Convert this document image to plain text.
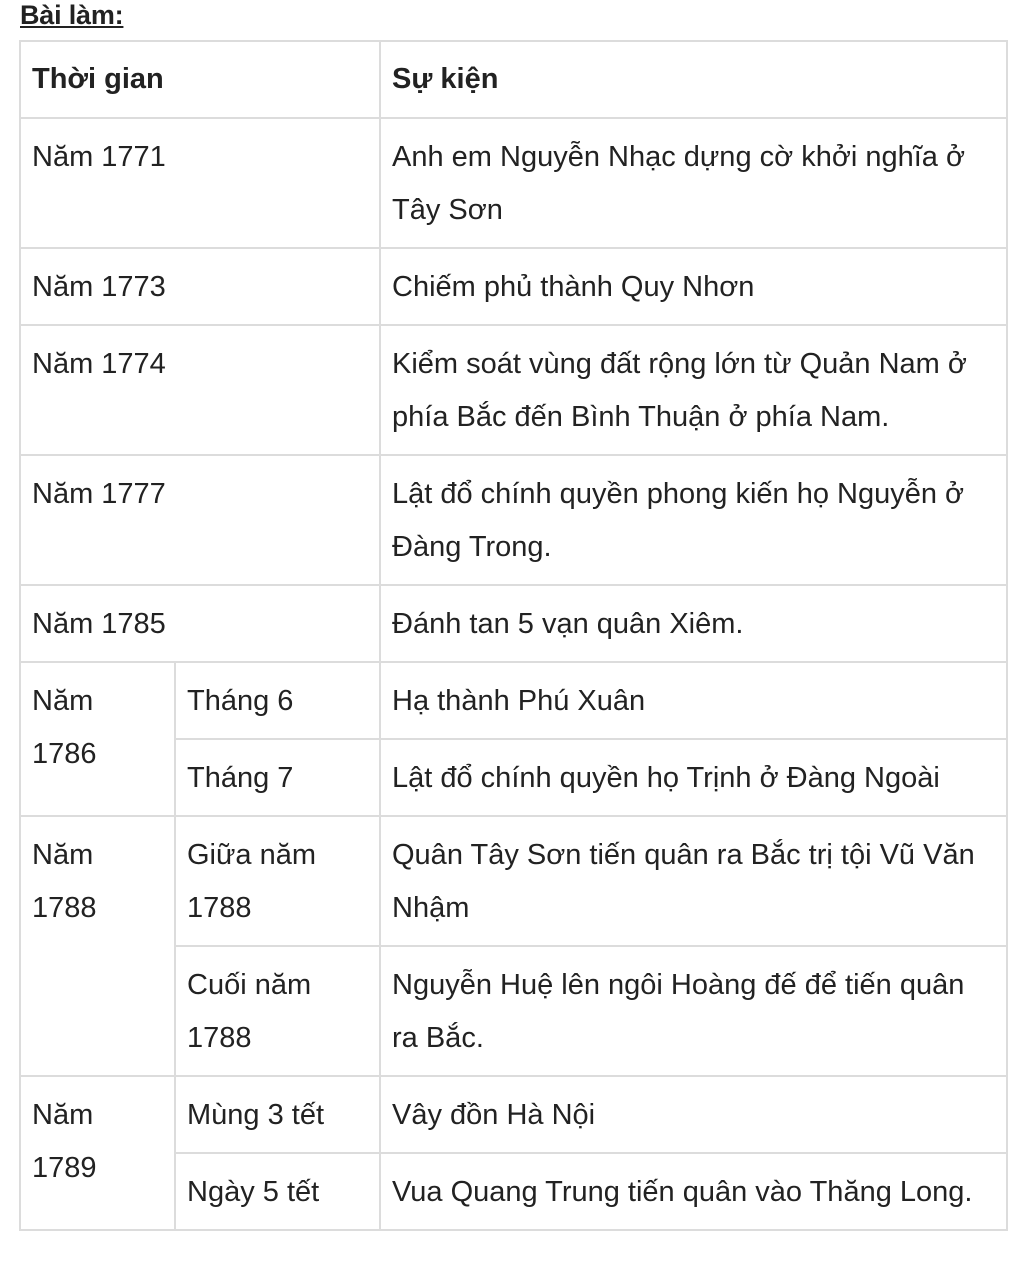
Bài làm:
Thời gian		Sự kiện
Năm 1771		Anh em Nguyễn Nhạc dựng cờ khởi nghĩa ở Tây Sơn
Năm 1773		Chiếm phủ thành Quy Nhơn
Năm 1774		Kiểm soát vùng đất rộng lớn từ Quản Nam ở phía Bắc đến Bình Thuận ở phía Nam.
Năm 1777		Lật đổ chính quyền phong kiến họ Nguyễn ở Đàng Trong.
Năm 1785		Đánh tan 5 vạn quân Xiêm.
Năm 1786	Tháng 6	Hạ thành Phú Xuân
	Tháng 7	Lật đổ chính quyền họ Trịnh ở Đàng Ngoài
Năm 1788	Giữa năm 1788	Quân Tây Sơn tiến quân ra Bắc trị tội Vũ Văn Nhậm
	Cuối năm 1788	Nguyễn Huệ lên ngôi Hoàng đế để tiến quân ra Bắc.
Năm 1789	Mùng 3 tết	Vây đồn Hà Nội
	Ngày 5 tết	Vua Quang Trung tiến quân vào Thăng Long.
